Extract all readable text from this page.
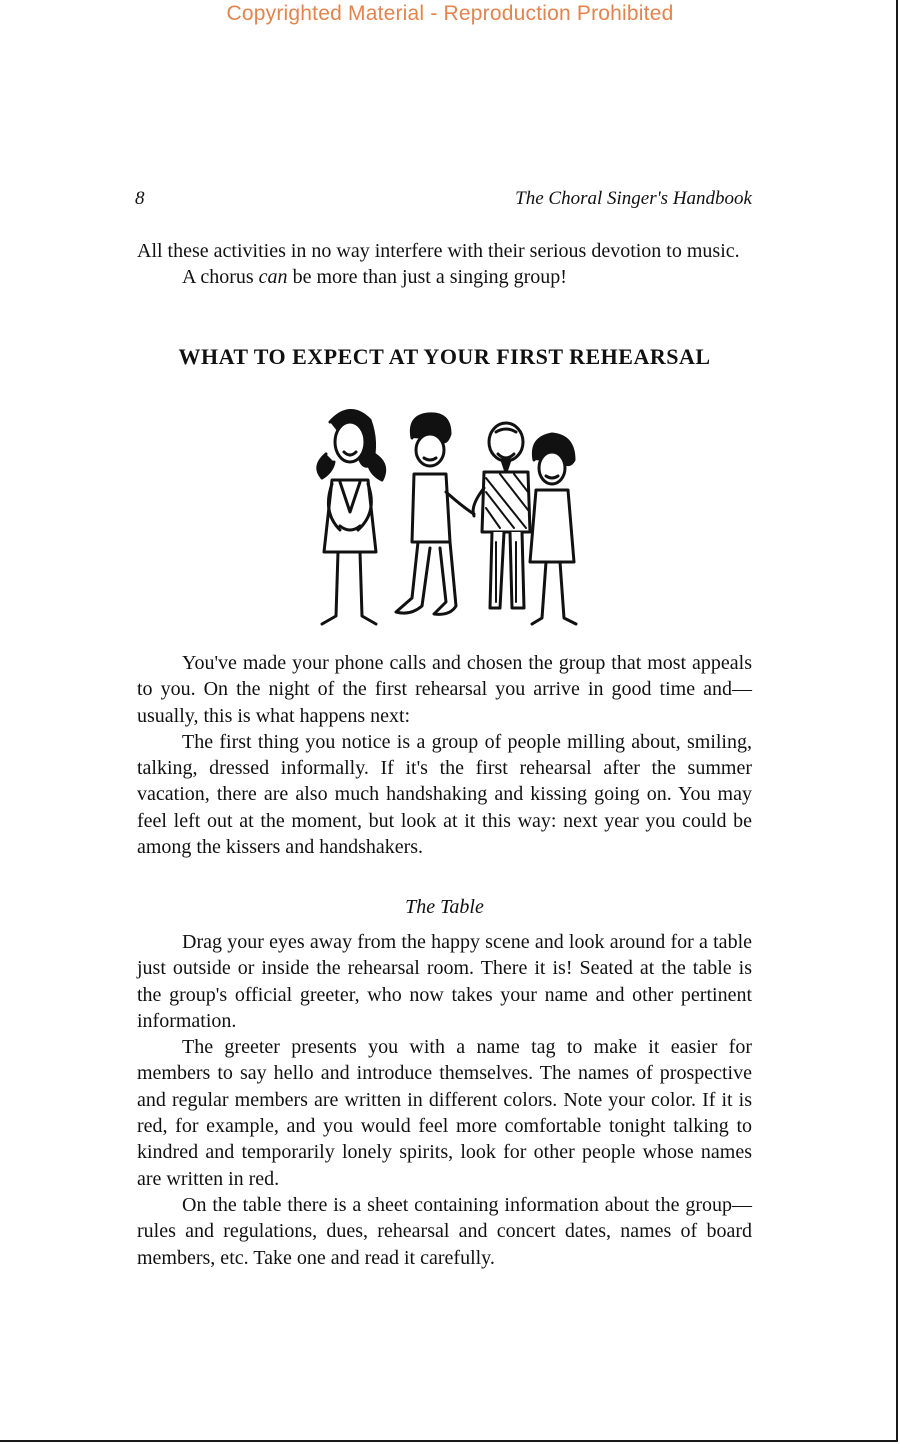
Copyrighted Material - Reproduction Prohibited
8	The Choral Singer's Handbook

All these activities in no way interfere with their serious devotion to music.

A chorus can be more than just a singing group!

WHAT TO EXPECT AT YOUR FIRST REHEARSAL

You've made your phone calls and chosen the group that most appeals to you. On the night of the first rehearsal you arrive in good time and—usually, this is what happens next:

The first thing you notice is a group of people milling about, smiling, talking, dressed informally. If it's the first rehearsal after the summer vacation, there are also much handshaking and kissing going on. You may feel left out at the moment, but look at it this way: next year you could be among the kissers and handshakers.

The Table

Drag your eyes away from the happy scene and look around for a table just outside or inside the rehearsal room. There it is! Seated at the table is the group's official greeter, who now takes your name and other pertinent information.

The greeter presents you with a name tag to make it easier for members to say hello and introduce themselves. The names of prospective and regular members are written in different colors. Note your color. If it is red, for example, and you would feel more comfortable tonight talking to kindred and temporarily lonely spirits, look for other people whose names are written in red.

On the table there is a sheet containing information about the group—rules and regulations, dues, rehearsal and concert dates, names of board members, etc. Take one and read it carefully.
